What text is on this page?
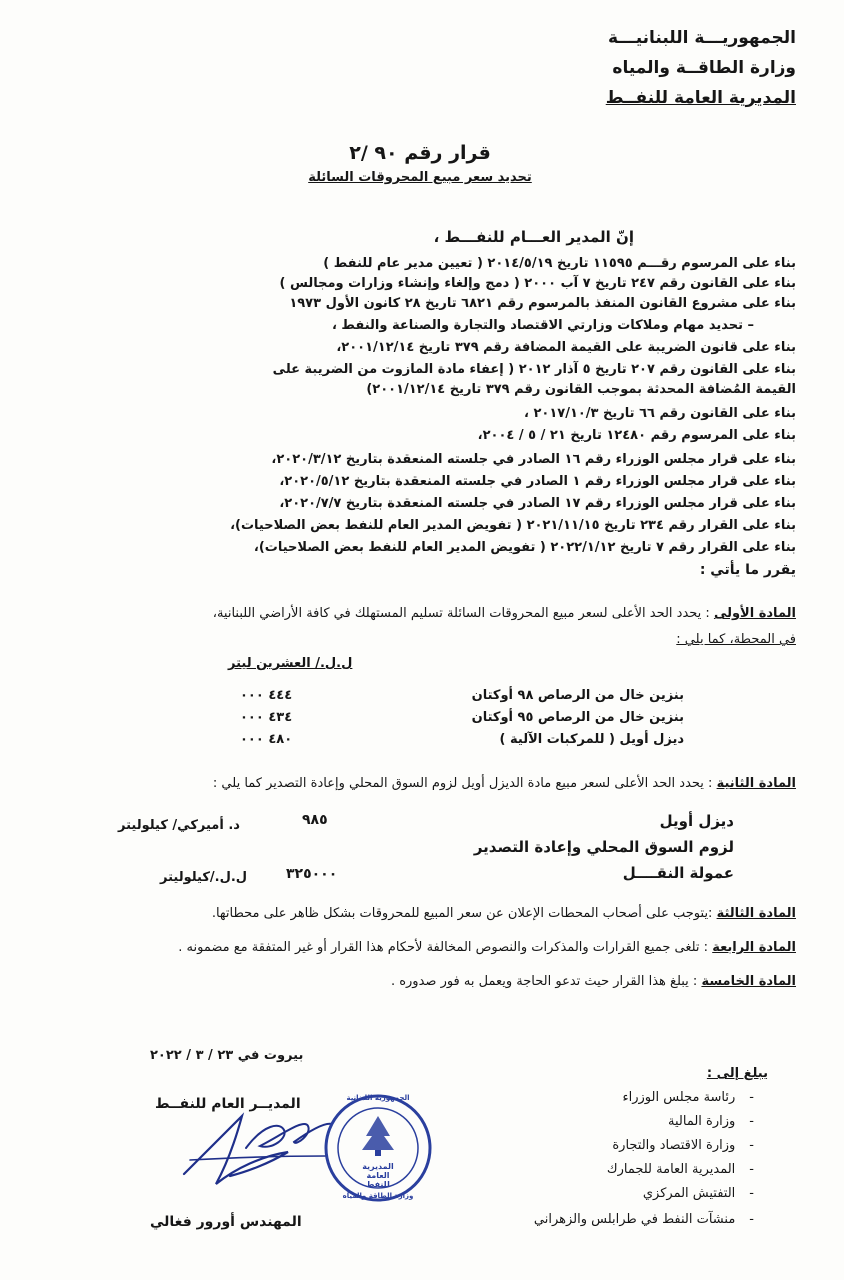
الجمهوريـــة اللبنانيـــة
وزارة الطاقــة والمياه
المديرية العامة للنفــط
قرار رقم ٩٠ /٢
تحديد سعر مبيع المحروقات السائلة
إنّ المدير العـــام للنفـــط ،
بناء على المرسوم رقـــم ١١٥٩٥ تاريخ ٢٠١٤/٥/١٩ ( تعيين مدير عام للنفط )
بناء على القانون رقم ٢٤٧ تاريخ ٧ آب ٢٠٠٠ ( دمج وإلغاء وإنشاء وزارات ومجالس )
بناء على مشروع القانون المنفذ بالمرسوم رقم ٦٨٢١ تاريخ ٢٨ كانون الأول ١٩٧٣
– تحديد مهام وملاكات وزارتي الاقتصاد والتجارة والصناعة والنفط ،
بناء على قانون الضريبة على القيمة المضافة رقم ٣٧٩ تاريخ ٢٠٠١/١٢/١٤،
بناء على القانون رقم ٢٠٧ تاريخ ٥ آذار ٢٠١٢ ( إعفاء مادة المازوت من الضريبة على
القيمة المُضافة المحدثة بموجب القانون رقم ٣٧٩ تاريخ ٢٠٠١/١٢/١٤)
بناء على القانون رقم ٦٦ تاريخ ٢٠١٧/١٠/٣ ،
بناء على المرسوم رقم ١٢٤٨٠ تاريخ ٢١ / ٥ / ٢٠٠٤،
بناء على قرار مجلس الوزراء رقم ١٦ الصادر في جلسته المنعقدة بتاريخ ٢٠٢٠/٣/١٢،
بناء على قرار مجلس الوزراء رقم ١ الصادر في جلسته المنعقدة بتاريخ ٢٠٢٠/٥/١٢،
بناء على قرار مجلس الوزراء رقم ١٧ الصادر في جلسته المنعقدة بتاريخ ٢٠٢٠/٧/٧،
بناء على القرار رقم ٢٣٤ تاريخ ٢٠٢١/١١/١٥ ( تفويض المدير العام للنفط بعض الصلاحيات)،
بناء على القرار رقم ٧ تاريخ ٢٠٢٢/١/١٢ ( تفويض المدير العام للنفط بعض الصلاحيات)،
يقرر ما يأتي :
المادة الأولى : يحدد الحد الأعلى لسعر مبيع المحروقات السائلة تسليم المستهلك في كافة الأراضي اللبنانية،
في المحطة، كما يلي :
ل.ل./ العشرين ليتر
بنزين خال من الرصاص ٩٨ أوكتان
٤٤٤ ٠٠٠
بنزين خال من الرصاص ٩٥ أوكتان
٤٣٤ ٠٠٠
ديزل أويل ( للمركبات الآلية )
٤٨٠ ٠٠٠
المادة الثانية : يحدد الحد الأعلى لسعر مبيع مادة الديزل أويل لزوم السوق المحلي وإعادة التصدير كما يلي :
ديزل أويل
٩٨٥
د. أميركي/ كيلوليتر
لزوم السوق المحلي وإعادة التصدير
عمولة النقــــل
٣٢٥٠٠٠
ل.ل./كيلوليتر
المادة الثالثة :يتوجب على أصحاب المحطات الإعلان عن سعر المبيع للمحروقات بشكل ظاهر على محطاتها.
المادة الرابعة : تلغى جميع القرارات والمذكرات والنصوص المخالفة لأحكام هذا القرار أو غير المتفقة مع مضمونه .
المادة الخامسة : يبلغ هذا القرار حيث تدعو الحاجة ويعمل به فور صدوره .
بيروت في ٢٣ / ٣ / ٢٠٢٢
المديــر العام للنفــط
المهندس أورور فغالي
المديرية
العامة
للنفط
الجمهورية اللبنانية
وزارة الطاقة والمياه
يبلغ إلى :
- رئاسة مجلس الوزراء
- وزارة المالية
- وزارة الاقتصاد والتجارة
- المديرية العامة للجمارك
- التفتيش المركزي
- منشآت النفط في طرابلس والزهراني
